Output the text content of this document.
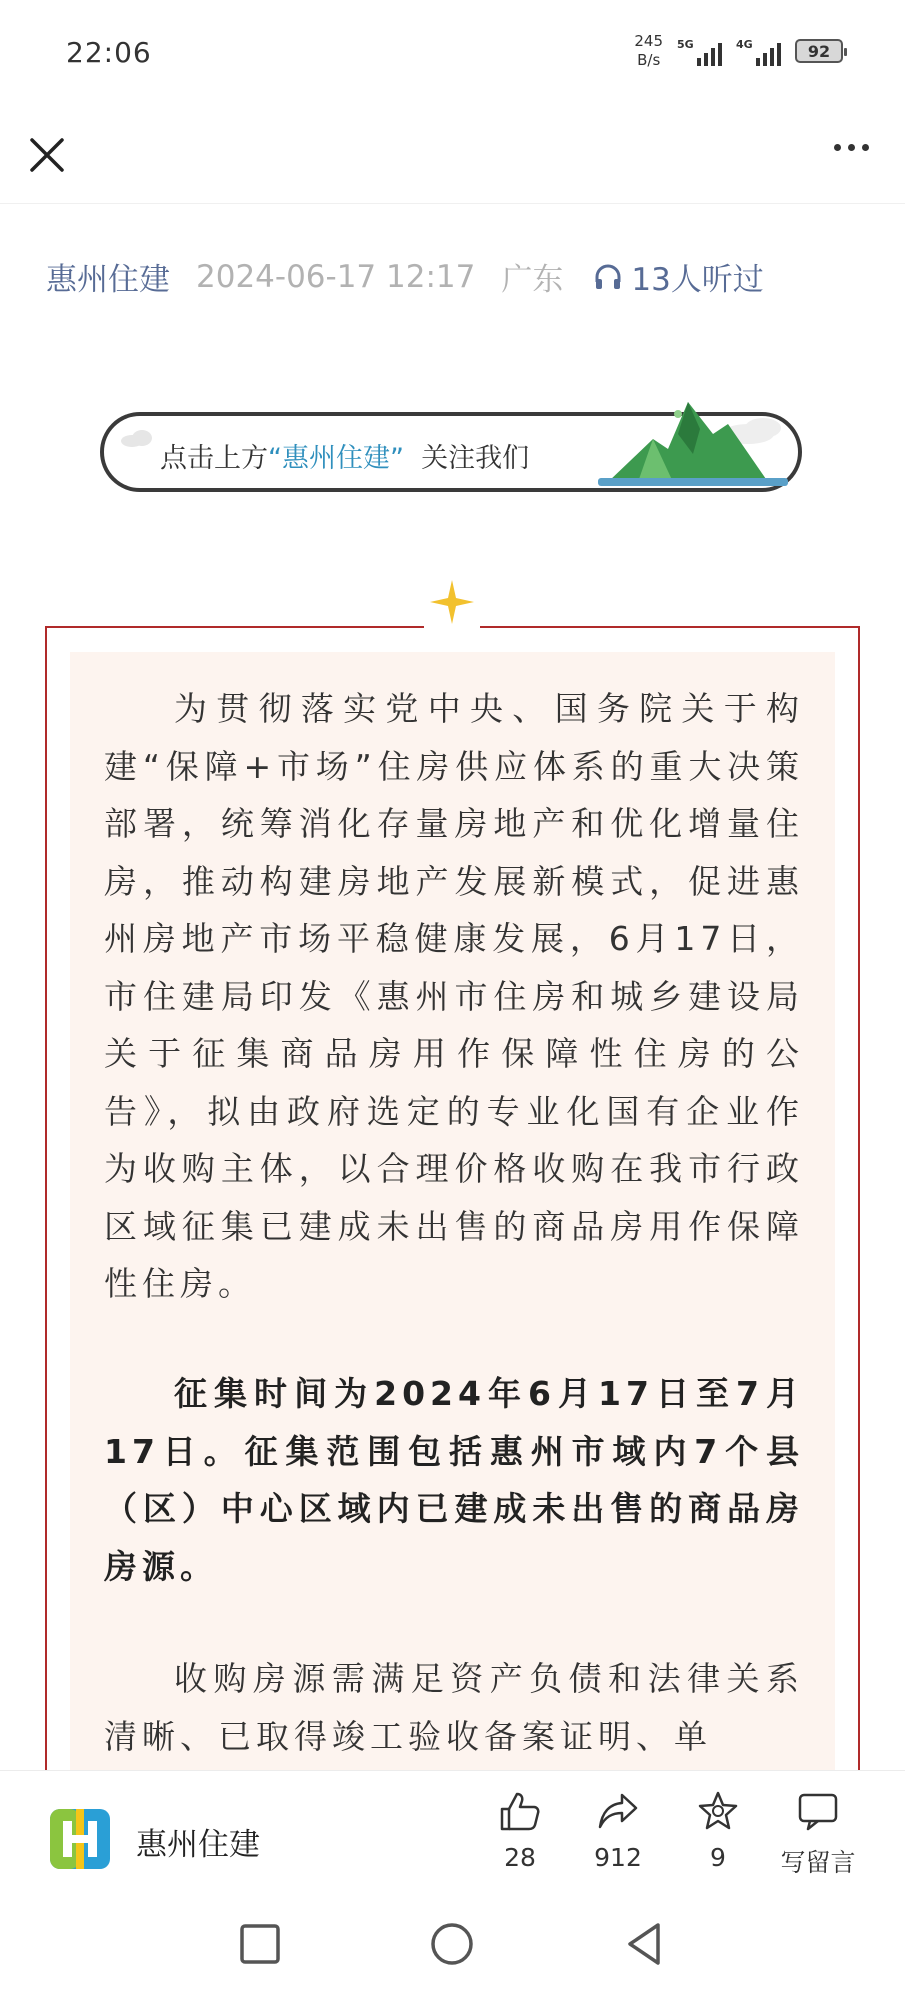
22:06	245
B/s
5G	4G	92
惠州住建 2024-06-17 12:17 广东 13人听过
点击上方“惠州住建” 关注我们

为贯彻落实党中央、国务院关于构建“保障+市场”住房供应体系的重大决策部署，统筹消化存量房地产和优化增量住房，推动构建房地产发展新模式，促进惠州房地产市场平稳健康发展，6月17日，市住建局印发《惠州市住房和城乡建设局关于征集商品房用作保障性住房的公告》，拟由政府选定的专业化国有企业作为收购主体，以合理价格收购在我市行政区域征集已建成未出售的商品房用作保障性住房。

征集时间为2024年6月17日至7月17日。征集范围包括惠州市域内7个县（区）中心区域内已建成未出售的商品房房源。

收购房源需满足资产负债和法律关系清晰、已取得竣工验收备案证明、单

惠州住建	28 912	9 写留言
